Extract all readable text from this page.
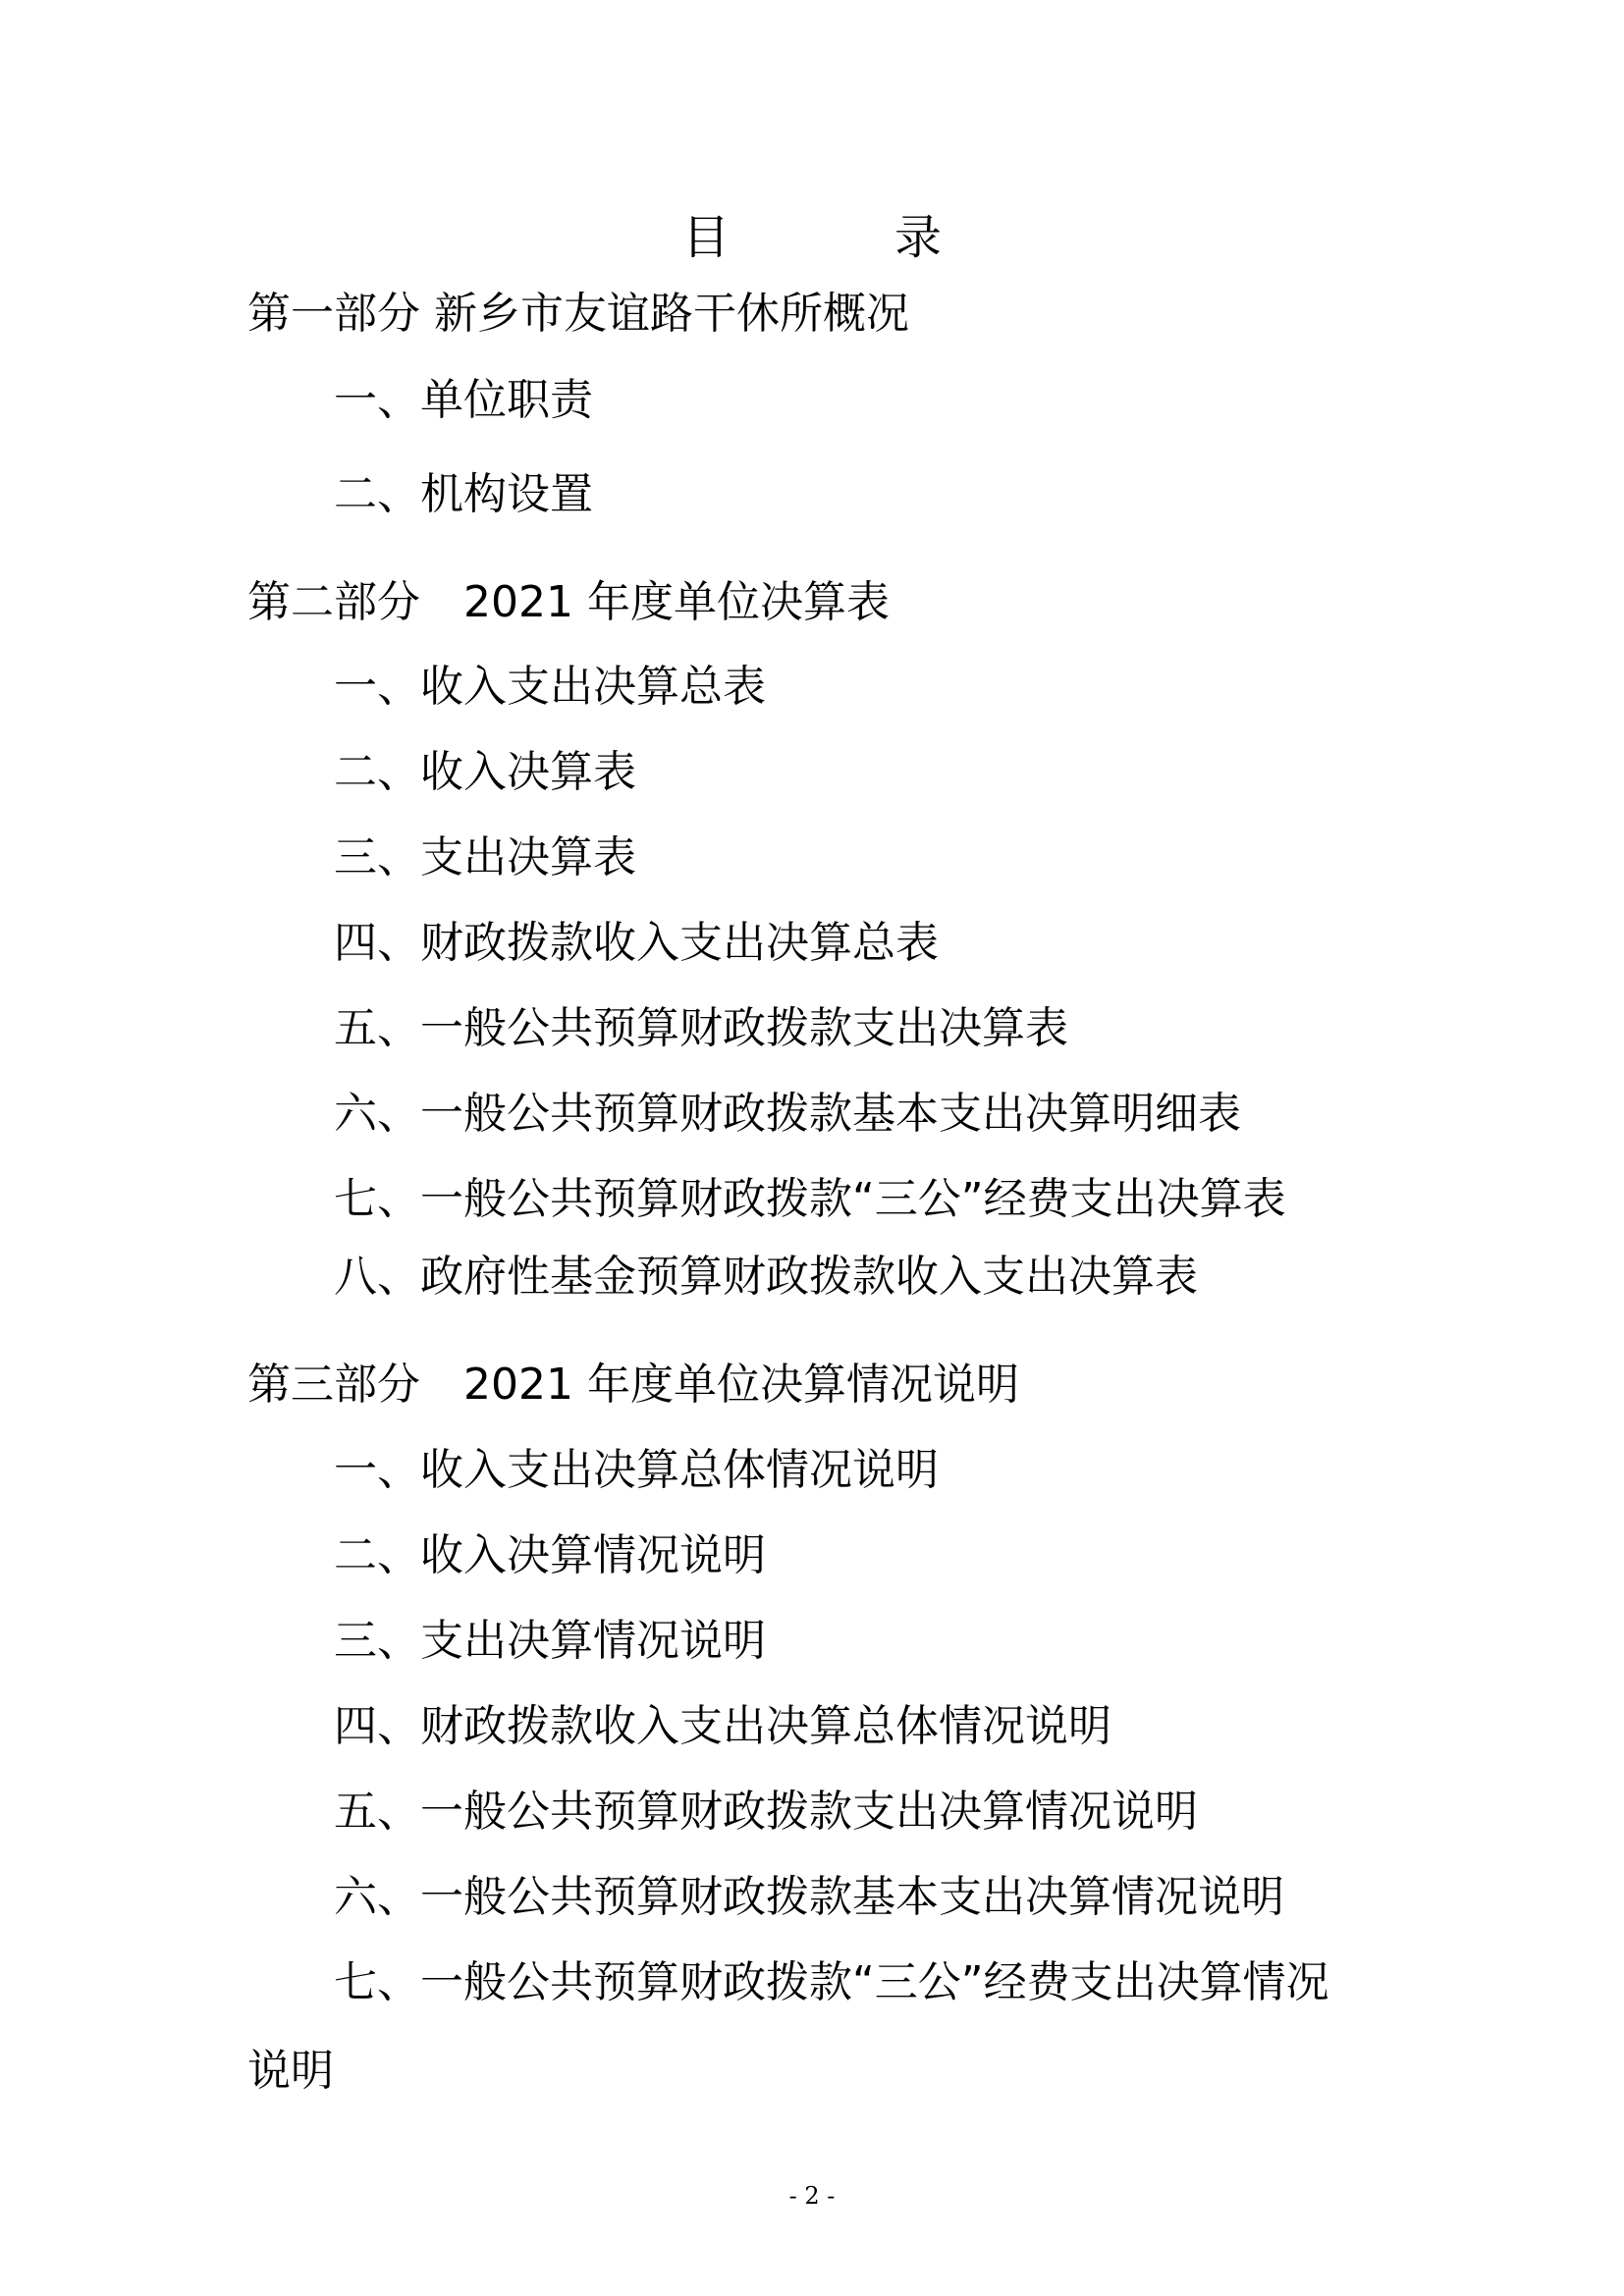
目　录
第一部分 新乡市友谊路干休所概况
一、单位职责
二、机构设置
第二部分　2021 年度单位决算表
一、收入支出决算总表
二、收入决算表
三、支出决算表
四、财政拨款收入支出决算总表
五、一般公共预算财政拨款支出决算表
六、一般公共预算财政拨款基本支出决算明细表
七、一般公共预算财政拨款“三公”经费支出决算表
八、政府性基金预算财政拨款收入支出决算表
第三部分　2021 年度单位决算情况说明
一、收入支出决算总体情况说明
二、收入决算情况说明
三、支出决算情况说明
四、财政拨款收入支出决算总体情况说明
五、一般公共预算财政拨款支出决算情况说明
六、一般公共预算财政拨款基本支出决算情况说明
七、一般公共预算财政拨款“三公”经费支出决算情况
说明
- 2 -
